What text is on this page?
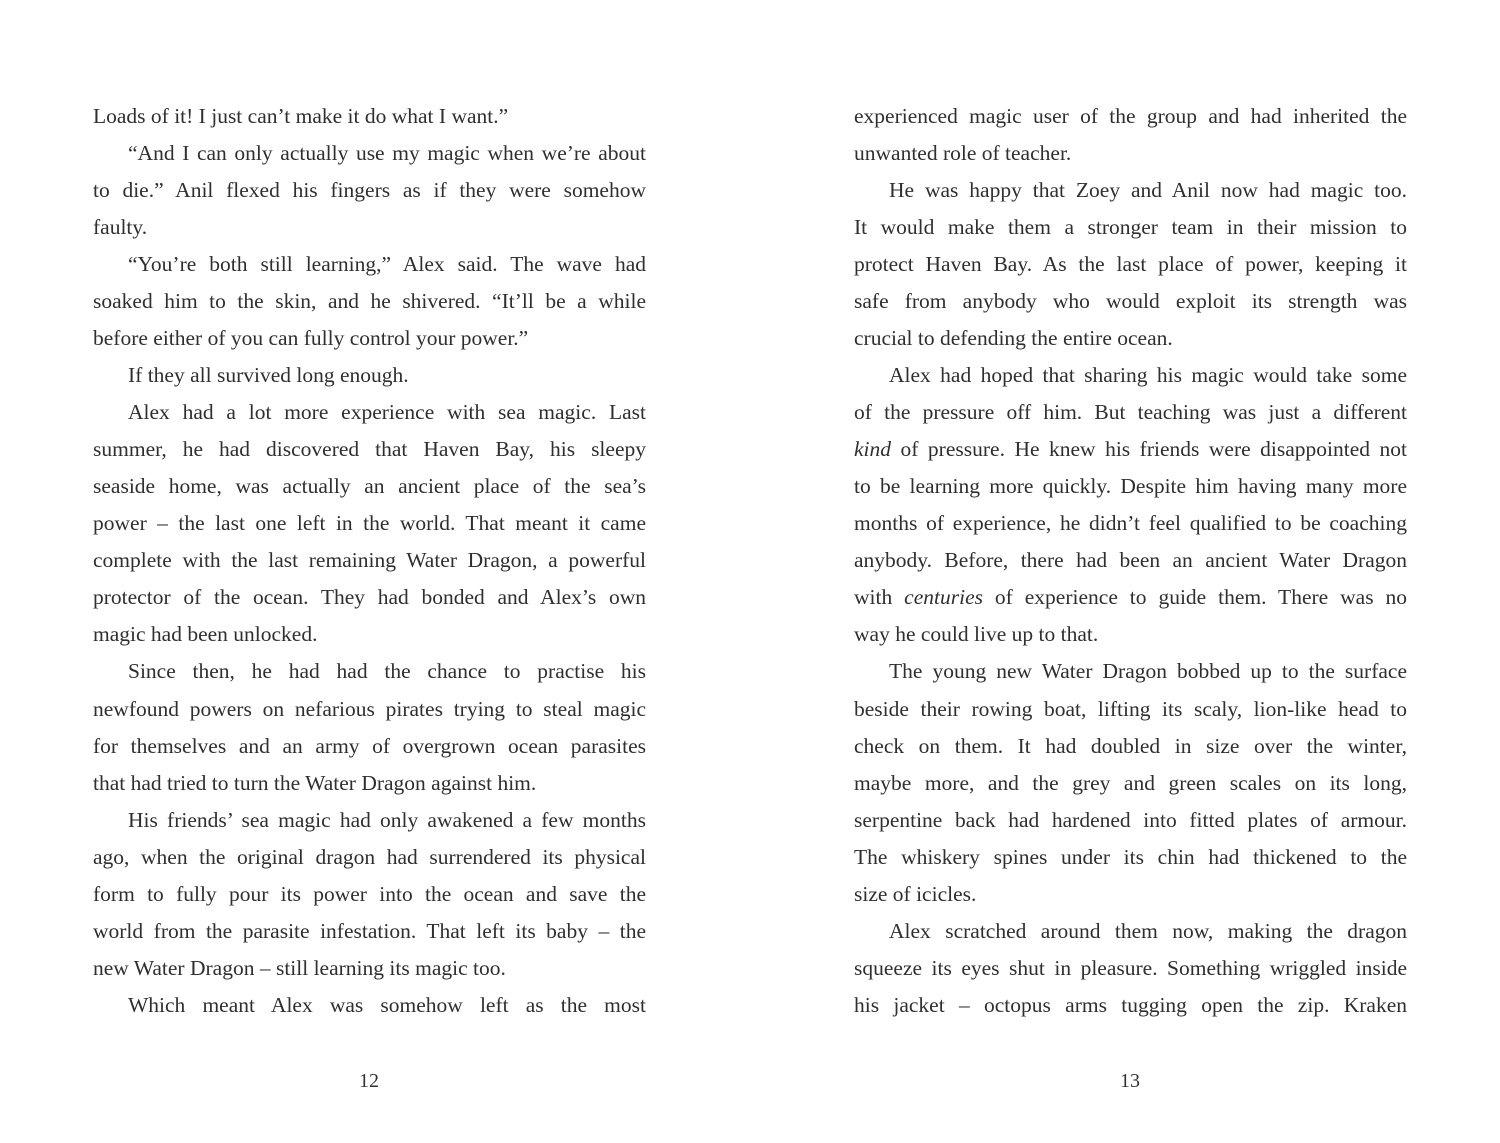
Loads of it! I just can’t make it do what I want.”
“And I can only actually use my magic when we’re about
to die.” Anil flexed his fingers as if they were somehow
faulty.
“You’re both still learning,” Alex said. The wave had
soaked him to the skin, and he shivered. “It’ll be a while
before either of you can fully control your power.”
If they all survived long enough.
Alex had a lot more experience with sea magic. Last
summer, he had discovered that Haven Bay, his sleepy
seaside home, was actually an ancient place of the sea’s
power – the last one left in the world. That meant it came
complete with the last remaining Water Dragon, a powerful
protector of the ocean. They had bonded and Alex’s own
magic had been unlocked.
Since then, he had had the chance to practise his
newfound powers on nefarious pirates trying to steal magic
for themselves and an army of overgrown ocean parasites
that had tried to turn the Water Dragon against him.
His friends’ sea magic had only awakened a few months
ago, when the original dragon had surrendered its physical
form to fully pour its power into the ocean and save the
world from the parasite infestation. That left its baby – the
new Water Dragon – still learning its magic too.
Which meant Alex was somehow left as the most
experienced magic user of the group and had inherited the
unwanted role of teacher.
He was happy that Zoey and Anil now had magic too.
It would make them a stronger team in their mission to
protect Haven Bay. As the last place of power, keeping it
safe from anybody who would exploit its strength was
crucial to defending the entire ocean.
Alex had hoped that sharing his magic would take some
of the pressure off him. But teaching was just a different
kind of pressure. He knew his friends were disappointed not
to be learning more quickly. Despite him having many more
months of experience, he didn’t feel qualified to be coaching
anybody. Before, there had been an ancient Water Dragon
with centuries of experience to guide them. There was no
way he could live up to that.
The young new Water Dragon bobbed up to the surface
beside their rowing boat, lifting its scaly, lion-like head to
check on them. It had doubled in size over the winter,
maybe more, and the grey and green scales on its long,
serpentine back had hardened into fitted plates of armour.
The whiskery spines under its chin had thickened to the
size of icicles.
Alex scratched around them now, making the dragon
squeeze its eyes shut in pleasure. Something wriggled inside
his jacket – octopus arms tugging open the zip. Kraken
12	13
